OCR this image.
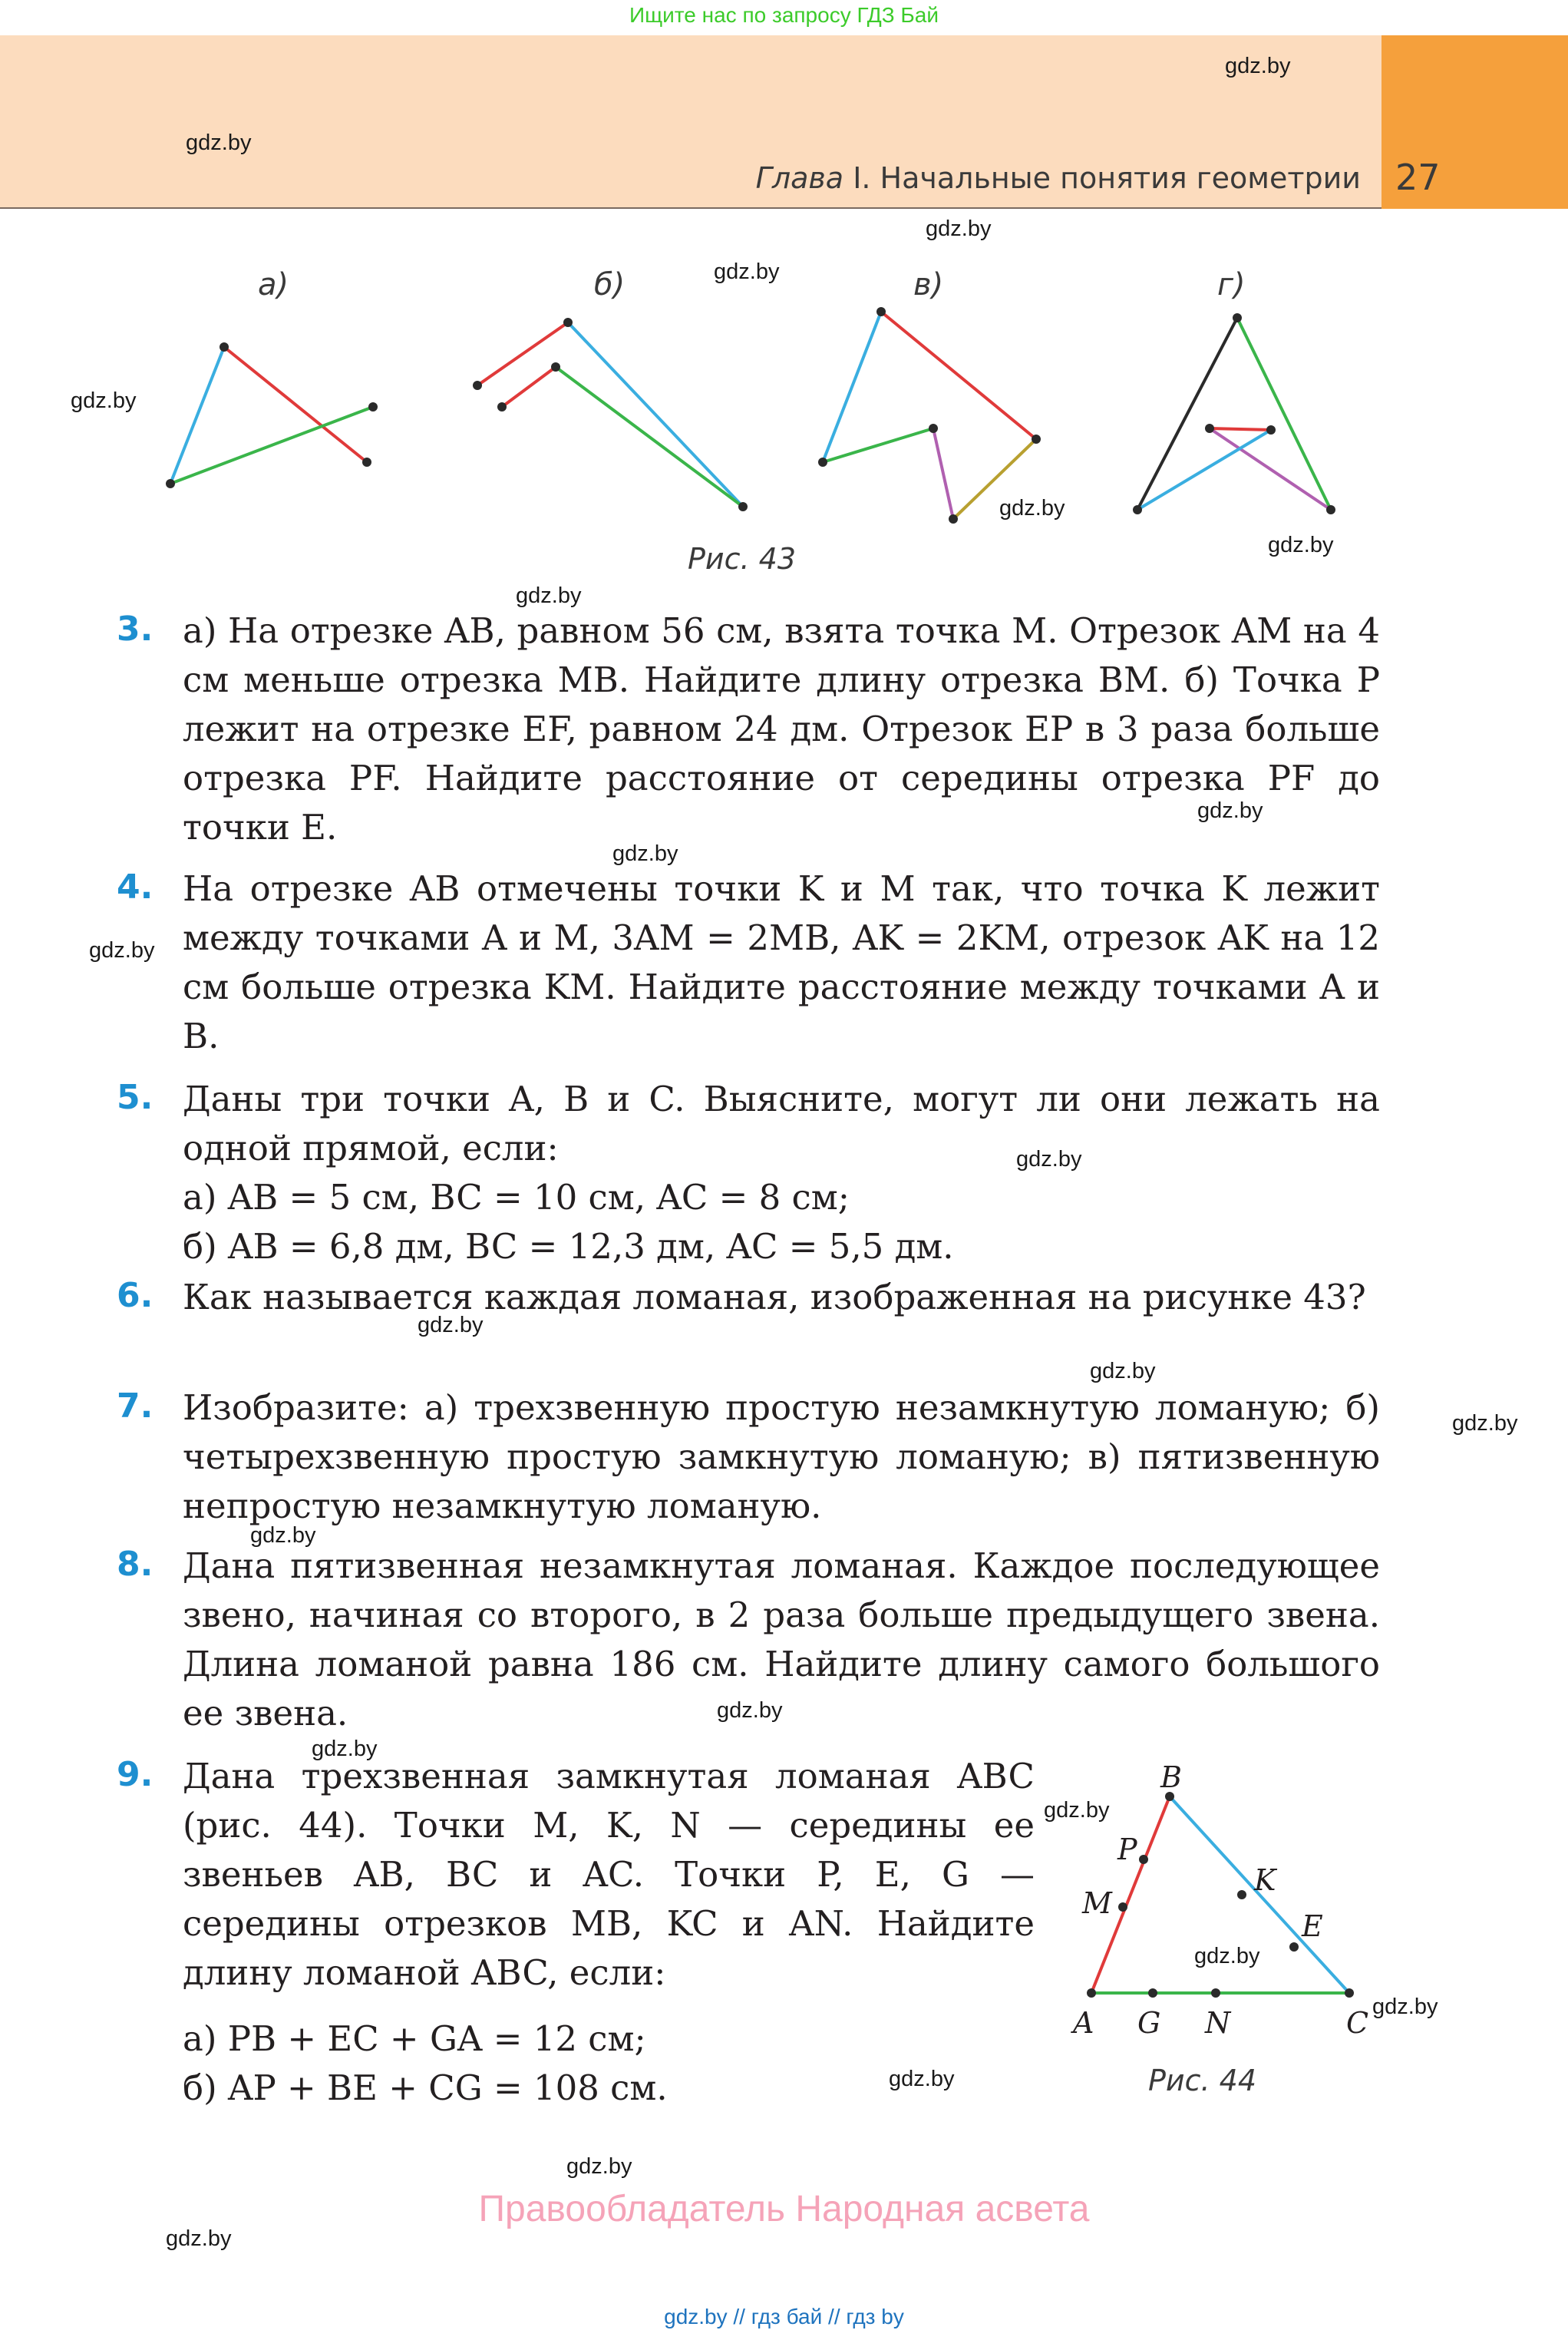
Ищите нас по запросу ГДЗ Бай
Глава I. Начальные понятия геометрии 27
gdz.by
gdz.by
gdz.by
gdz.by
gdz.by
gdz.by
gdz.by
gdz.by
gdz.by
gdz.by
gdz.by
gdz.by
gdz.by
gdz.by
gdz.by
gdz.by
gdz.by
gdz.by
gdz.by
gdz.by
gdz.by
gdz.by
gdz.by
gdz.by
а)	б)	в)	г)
Рис. 43
3. а) На отрезке AB, равном 56 см, взята точка M. Отрезок AM на 4 см меньше отрезка MB. Найдите длину отрезка BM. б) Точка P лежит на отрезке EF, равном 24 дм. Отрезок EP в 3 раза больше отрезка PF. Найдите расстояние от середины отрезка PF до точки E.
4. На отрезке AB отмечены точки K и M так, что точка K лежит между точками A и M, 3AM = 2MB, AK = 2KM, отрезок AK на 12 см больше отрезка KM. Найдите расстояние между точками A и B.
5. Даны три точки A, B и C. Выясните, могут ли они лежать на одной прямой, если:
а) AB = 5 см, BC = 10 см, AC = 8 см;
б) AB = 6,8 дм, BC = 12,3 дм, AC = 5,5 дм.
6. Как называется каждая ломаная, изображенная на рисунке 43?
7. Изобразите: а) трехзвенную простую незамкнутую ломаную; б) четырехзвенную простую замкнутую ломаную; в) пятизвенную непростую незамкнутую ломаную.
8. Дана пятизвенная незамкнутая ломаная. Каждое последующее звено, начиная со второго, в 2 раза больше предыдущего звена. Длина ломаной равна 186 см. Найдите длину самого большого ее звена.
9. Дана трехзвенная замкнутая ломаная ABC (рис. 44). Точки M, K, N — середины ее звеньев AB, BC и AC. Точки P, E, G — середины отрезков MB, KC и AN. Найдите длину ломаной ABC, если:
а) PB + EC + GA = 12 см;
б) AP + BE + CG = 108 см.
A
B
C
M
K
N
P
E
G
Рис. 44
Правообладатель Народная асвета
gdz.by // гдз бай // гдз by
